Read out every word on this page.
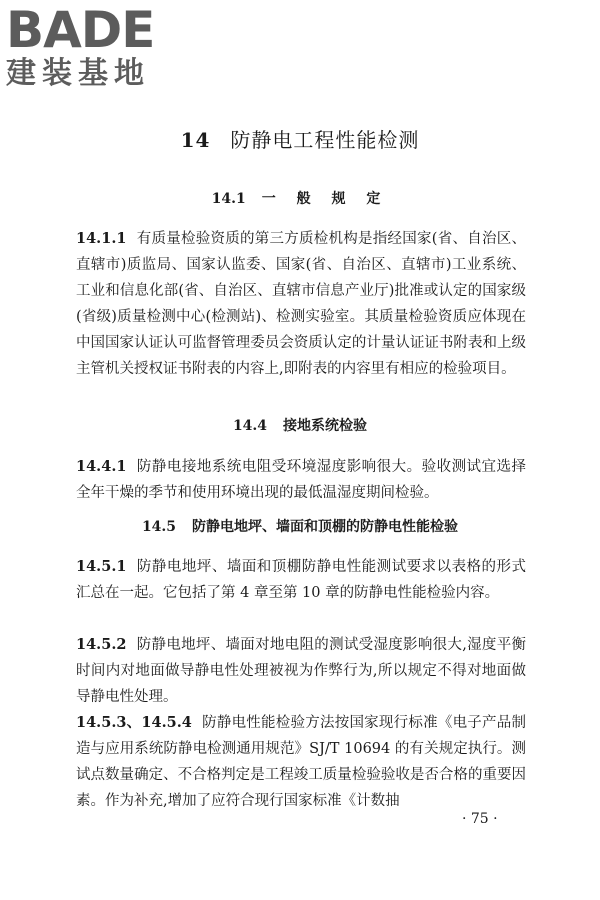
BADE
建装基地
14 防静电工程性能检测
14.1 一 般 规 定

14.1.1 有质量检验资质的第三方质检机构是指经国家(省、自治区、直辖市)质监局、国家认监委、国家(省、自治区、直辖市)工业系统、工业和信息化部(省、自治区、直辖市信息产业厅)批准或认定的国家级(省级)质量检测中心(检测站)、检测实验室。其质量检验资质应体现在中国国家认证认可监督管理委员会资质认定的计量认证证书附表和上级主管机关授权证书附表的内容上,即附表的内容里有相应的检验项目。

14.4 接地系统检验

14.4.1 防静电接地系统电阻受环境湿度影响很大。验收测试宜选择全年干燥的季节和使用环境出现的最低温湿度期间检验。

14.5 防静电地坪、墙面和顶棚的防静电性能检验

14.5.1 防静电地坪、墙面和顶棚防静电性能测试要求以表格的形式汇总在一起。它包括了第 4 章至第 10 章的防静电性能检验内容。

14.5.2 防静电地坪、墙面对地电阻的测试受湿度影响很大,湿度平衡时间内对地面做导静电性处理被视为作弊行为,所以规定不得对地面做导静电性处理。

14.5.3、14.5.4 防静电性能检验方法按国家现行标准《电子产品制造与应用系统防静电检测通用规范》SJ/T 10694 的有关规定执行。测试点数量确定、不合格判定是工程竣工质量检验验收是否合格的重要因素。作为补充,增加了应符合现行国家标准《计数抽

· 75 ·
